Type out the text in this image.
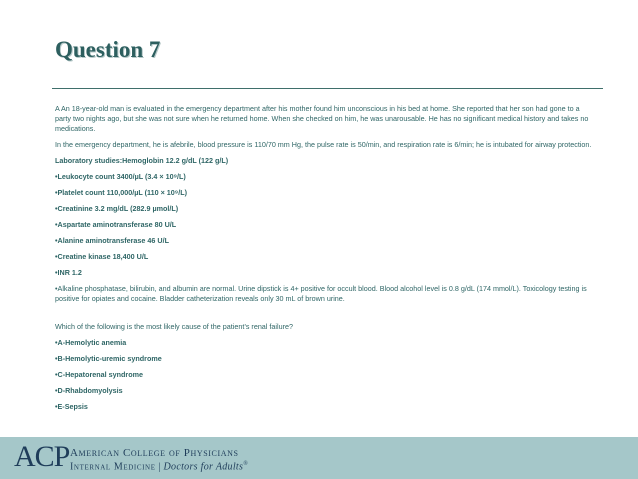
Question 7

A An 18-year-old man is evaluated in the emergency department after his mother found him unconscious in his bed at home. She reported that her son had gone to a party two nights ago, but she was not sure when he returned home. When she checked on him, he was unarousable. He has no significant medical history and takes no medications.

In the emergency department, he is afebrile, blood pressure is 110/70 mm Hg, the pulse rate is 50/min, and respiration rate is 6/min; he is intubated for airway protection.

Laboratory studies:Hemoglobin 12.2 g/dL (122 g/L)

•Leukocyte count 3400/µL (3.4 × 10⁹/L)

•Platelet count 110,000/µL (110 × 10⁹/L)

•Creatinine 3.2 mg/dL (282.9 µmol/L)

•Aspartate aminotransferase 80 U/L

•Alanine aminotransferase 46 U/L

•Creatine kinase 18,400 U/L

•INR 1.2

•Alkaline phosphatase, bilirubin, and albumin are normal. Urine dipstick is 4+ positive for occult blood. Blood alcohol level is 0.8 g/dL (174 mmol/L). Toxicology testing is positive for opiates and cocaine. Bladder catheterization reveals only 30 mL of brown urine.

Which of the following is the most likely cause of the patient’s renal failure?

•A-Hemolytic anemia

•B-Hemolytic-uremic syndrome

•C-Hepatorenal syndrome

•D-Rhabdomyolysis

•E-Sepsis

ACP American College of Physicians
Internal Medicine | Doctors for Adults®
